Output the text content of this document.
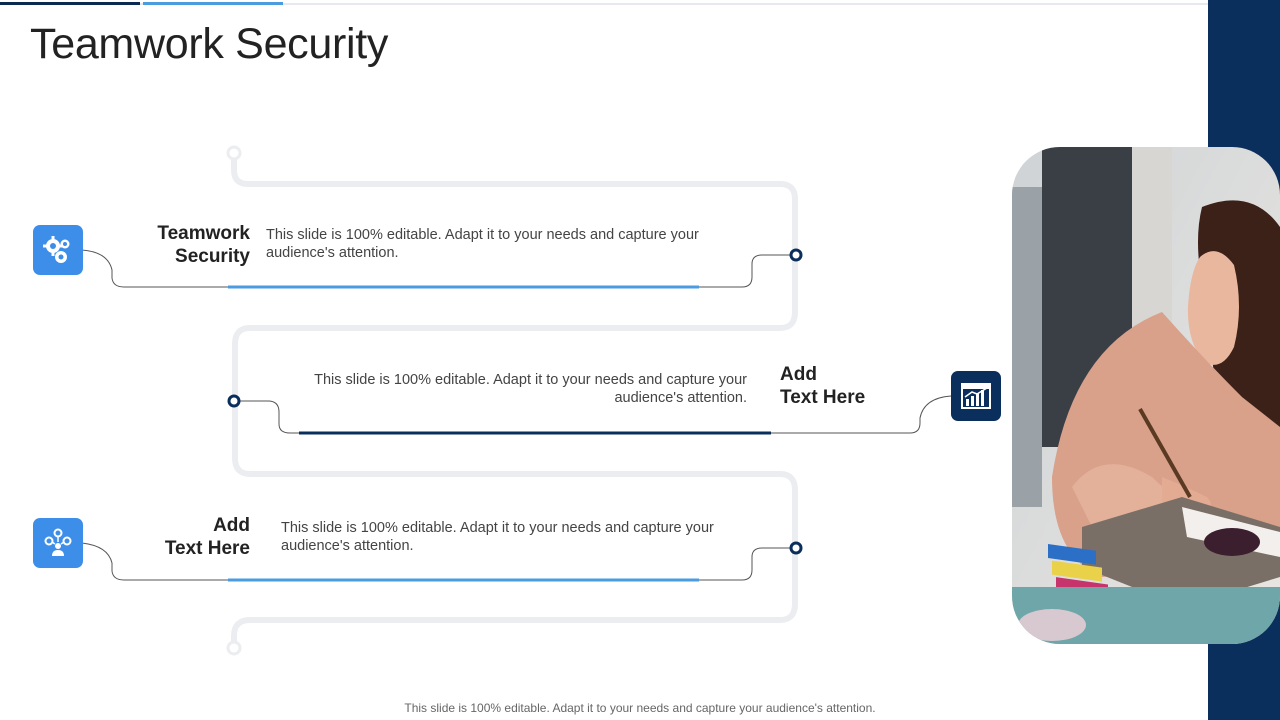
Teamwork Security
Teamwork
Security
This slide is 100% editable. Adapt it to your needs and capture your audience's attention.
This slide is 100% editable. Adapt it to your needs and capture your audience's attention.
Add
Text Here
Add
Text Here
This slide is 100% editable. Adapt it to your needs and capture your audience's attention.
This slide is 100% editable. Adapt it to your needs and capture your audience's attention.
